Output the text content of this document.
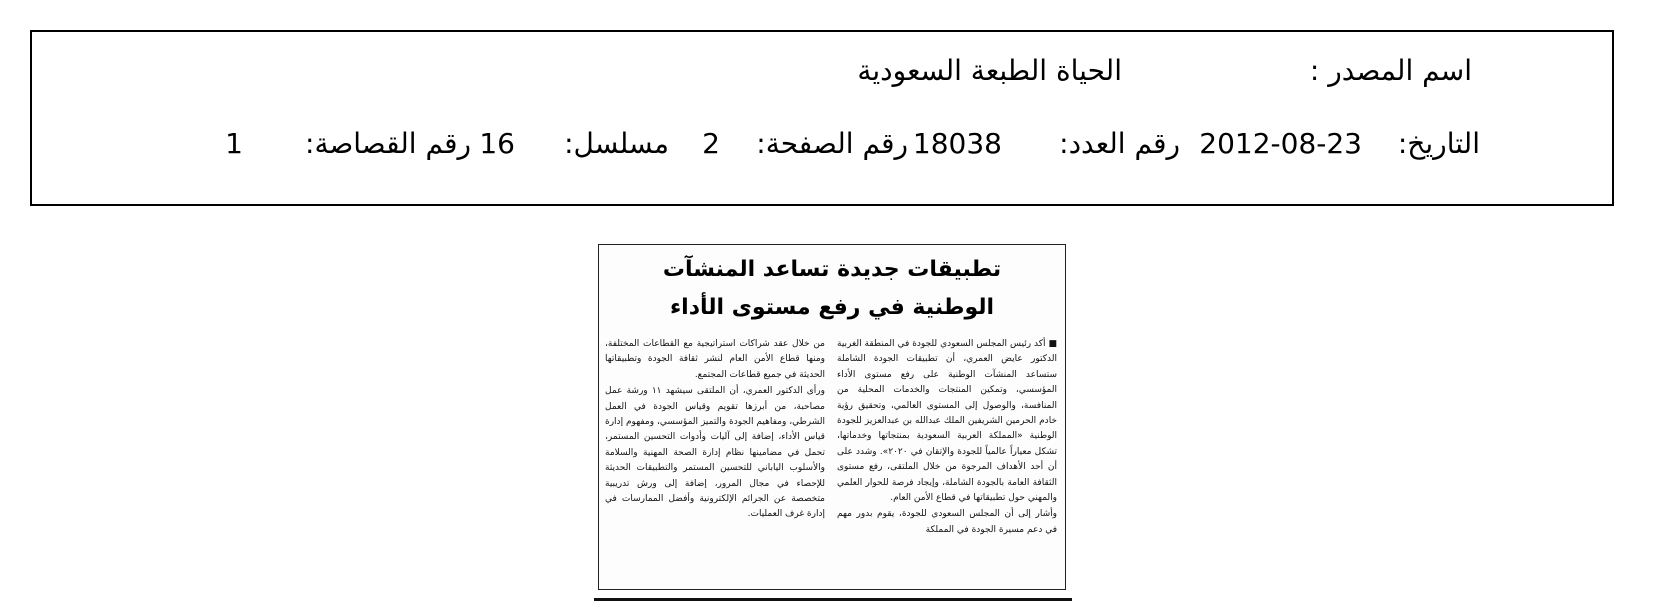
اسم المصدر :
الحياة الطبعة السعودية
التاريخ:
2012-08-23
رقم العدد:
18038
رقم الصفحة:
2
مسلسل:
16
رقم القصاصة:
1
تطبيقات جديدة تساعد المنشآت
الوطنية في رفع مستوى الأداء

■ أكد رئيس المجلس السعودي للجودة في المنطقة الغربية الدكتور عايض العمري، أن تطبيقات الجودة الشاملة ستساعد المنشآت الوطنية على رفع مستوى الأداء المؤسسي، وتمكين المنتجات والخدمات المحلية من المنافسة، والوصول إلى المستوى العالمي، وتحقيق رؤية خادم الحرمين الشريفين الملك عبدالله بن عبدالعزيز للجودة الوطنية «المملكة العربية السعودية بمنتجاتها وخدماتها، تشكل معياراً عالمياً للجودة والإتقان في ٢٠٢٠». وشدد على أن أحد الأهداف المرجوة من خلال الملتقى، رفع مستوى الثقافة العامة بالجودة الشاملة، وإيجاد فرصة للحوار العلمي والمهني حول تطبيقاتها في قطاع الأمن العام.

وأشار إلى أن المجلس السعودي للجودة، يقوم بدور مهم في دعم مسيرة الجودة في المملكة

من خلال عقد شراكات استراتيجية مع القطاعات المختلفة، ومنها قطاع الأمن العام لنشر ثقافة الجودة وتطبيقاتها الحديثة في جميع قطاعات المجتمع.

ورأى الدكتور العمري، أن الملتقى سيشهد ١١ ورشة عمل مصاحبة، من أبرزها تقويم وقياس الجودة في العمل الشرطي، ومفاهيم الجودة والتميز المؤسسي، ومفهوم إدارة قياس الأداء، إضافة إلى آليات وأدوات التحسين المستمر، تحمل في مضامينها نظام إدارة الصحة المهنية والسلامة والأسلوب الياباني للتحسين المستمر والتطبيقات الحديثة للإحصاء في مجال المرور، إضافة إلى ورش تدريبية متخصصة عن الجرائم الإلكترونية وأفضل الممارسات في إدارة غرف العمليات.
